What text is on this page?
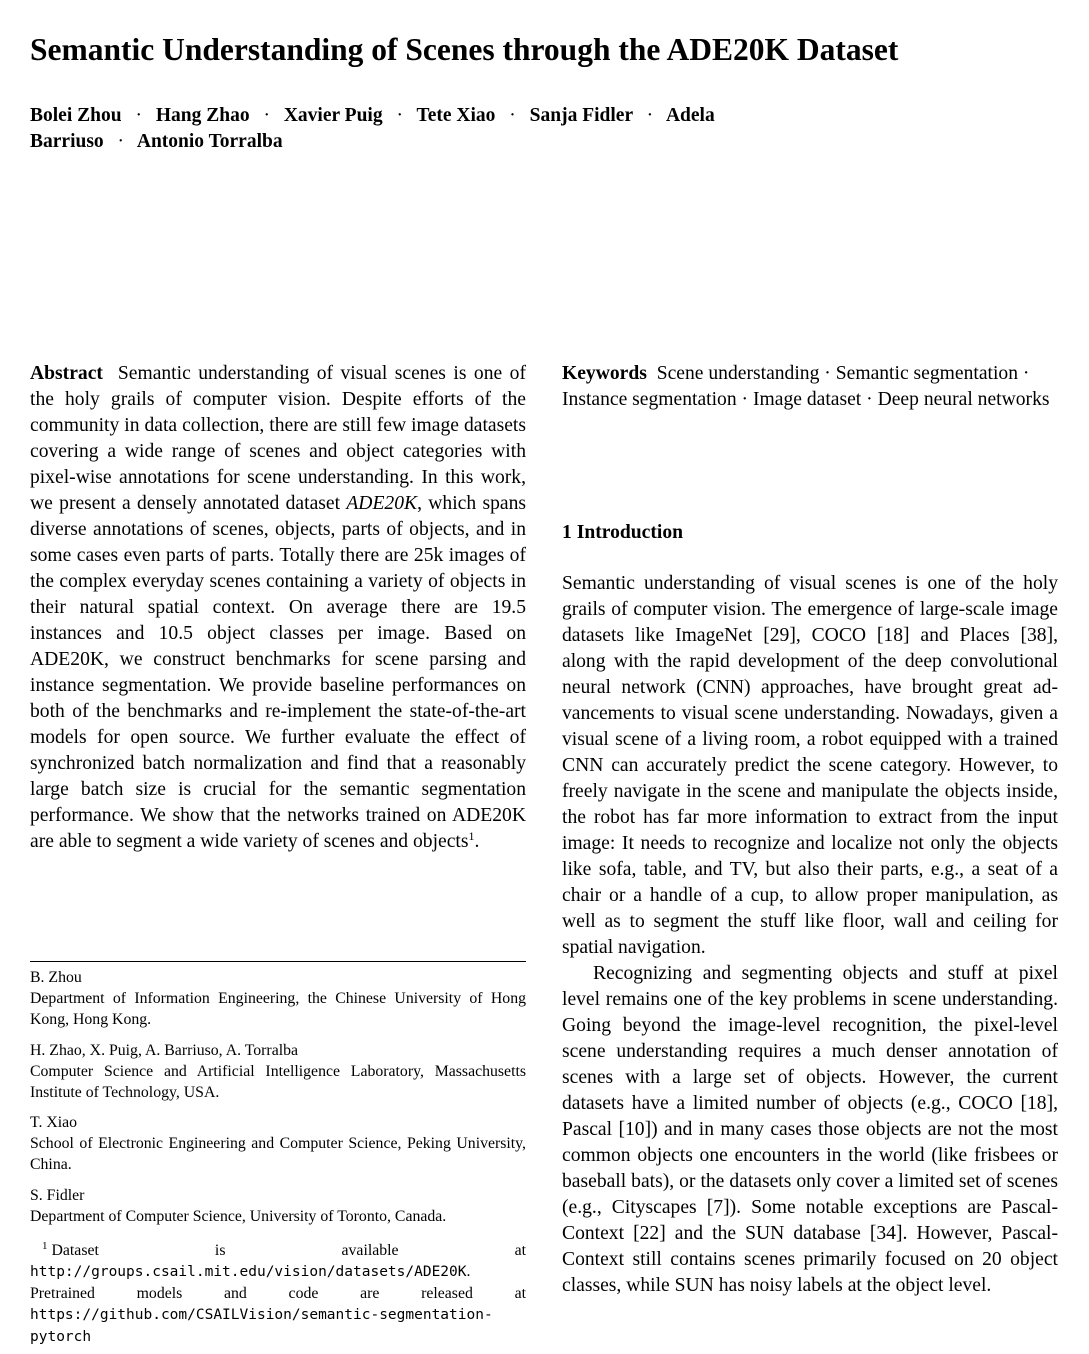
Semantic Understanding of Scenes through the ADE20K Dataset
Bolei Zhou · Hang Zhao · Xavier Puig · Tete Xiao · Sanja Fidler · Adela
Barriuso · Antonio Torralba

Abstract Semantic understanding of visual scenes is one of the holy grails of computer vision. Despite efforts of the community in data collection, there are still few image datasets covering a wide range of scenes and object categories with pixel-wise annotations for scene understanding. In this work, we present a densely annotated dataset ADE20K, which spans diverse annotations of scenes, objects, parts of objects, and in some cases even parts of parts. Totally there are 25k images of the complex everyday scenes containing a variety of objects in their natural spatial context. On average there are 19.5 instances and 10.5 object classes per image. Based on ADE20K, we construct benchmarks for scene parsing and instance segmentation. We provide baseline performances on both of the benchmarks and re-implement the state-of-the-art models for open source. We further evaluate the effect of synchronized batch normalization and find that a reasonably large batch size is crucial for the semantic segmentation performance. We show that the networks trained on ADE20K are able to segment a wide variety of scenes and objects$^1$.

Keywords Scene understanding · Semantic segmentation · Instance segmentation · Image dataset · Deep neural networks
1 Introduction

Semantic understanding of visual scenes is one of the holy grails of computer vision. The emergence of large-scale image datasets like ImageNet [29], COCO [18] and Places [38], along with the rapid development of the deep convolutional neural network (CNN) approaches, have brought great advancements to visual scene understanding. Nowadays, given a visual scene of a living room, a robot equipped with a trained CNN can accurately predict the scene category. However, to freely navigate in the scene and manipulate the objects inside, the robot has far more information to extract from the input image: It needs to recognize and localize not only the objects like sofa, table, and TV, but also their parts, e.g., a seat of a chair or a handle of a cup, to allow proper manipulation, as well as to segment the stuff like floor, wall and ceiling for spatial navigation.

Recognizing and segmenting objects and stuff at pixel level remains one of the key problems in scene understanding. Going beyond the image-level recognition, the pixel-level scene understanding requires a much denser annotation of scenes with a large set of objects. However, the current datasets have a limited number of objects (e.g., COCO [18], Pascal [10]) and in many cases those objects are not the most common objects one encounters in the world (like frisbees or baseball bats), or the datasets only cover a limited set of scenes (e.g., Cityscapes [7]). Some notable exceptions are Pascal-Context [22] and the SUN database [34]. However, Pascal-Context still contains scenes primarily focused on 20 object classes, while SUN has noisy labels at the object level.

B. Zhou
Department of Information Engineering, the Chinese University of Hong Kong, Hong Kong.
H. Zhao, X. Puig, A. Barriuso, A. Torralba
Computer Science and Artificial Intelligence Laboratory, Massachusetts Institute of Technology, USA.
T. Xiao
School of Electronic Engineering and Computer Science, Peking University, China.
S. Fidler
Department of Computer Science, University of Toronto, Canada.
$^1$ Dataset is available at http://groups.csail.mit.edu/vision/datasets/ADE20K.
Pretrained models and code are released at https://github.com/CSAILVision/semantic-segmentation-pytorch
